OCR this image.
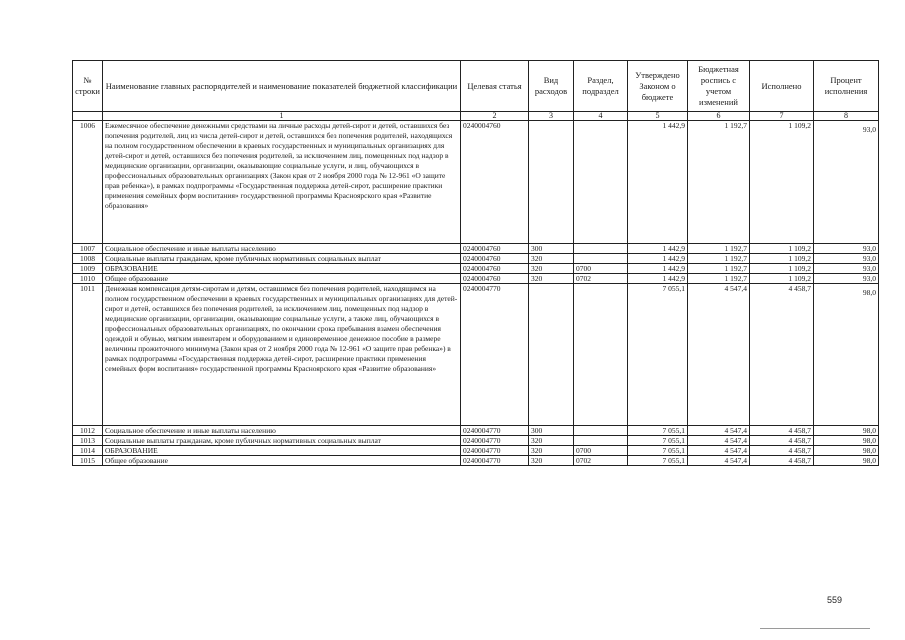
№ строки	Наименование главных распорядителей и наименование показателей бюджетной классификации	Целевая статья	Вид расходов	Раздел, подраздел	Утверждено Законом о бюджете	Бюджетная роспись с учетом изменений	Исполнено	Процент исполнения
	1	2	3	4	5	6	7	8
1006	Ежемесячное обеспечение денежными средствами на личные расходы детей-сирот и детей, оставшихся без попечения родителей, лиц из числа детей-сирот и детей, оставшихся без попечения родителей, находящихся на полном государственном обеспечении в краевых государственных и муниципальных организациях для детей-сирот и детей, оставшихся без попечения родителей, за исключением лиц, помещенных под надзор в медицинские организации, организации, оказывающие социальные услуги, и лиц, обучающихся в профессиональных образовательных организациях (Закон края от 2 ноября 2000 года № 12-961 «О защите прав ребенка»), в рамках подпрограммы «Государственная поддержка детей-сирот, расширение практики применения семейных форм воспитания» государственной программы Красноярского края «Развитие образования»	0240004760			1 442,9	1 192,7	1 109,2	93,0
1007	Социальное обеспечение и иные выплаты населению	0240004760	300		1 442,9	1 192,7	1 109,2	93,0
1008	Социальные выплаты гражданам, кроме публичных нормативных социальных выплат	0240004760	320		1 442,9	1 192,7	1 109,2	93,0
1009	ОБРАЗОВАНИЕ	0240004760	320	0700	1 442,9	1 192,7	1 109,2	93,0
1010	Общее образование	0240004760	320	0702	1 442,9	1 192,7	1 109,2	93,0
1011	Денежная компенсация детям-сиротам и детям, оставшимся без попечения родителей, находящимся на полном государственном обеспечении в краевых государственных и муниципальных организациях для детей-сирот и детей, оставшихся без попечения родителей, за исключением лиц, помещенных под надзор в медицинские организации, организации, оказывающие социальные услуги, а также лиц, обучающихся в профессиональных образовательных организациях, по окончании срока пребывания взамен обеспечения одеждой и обувью, мягким инвентарем и оборудованием и единовременное денежное пособие в размере величины прожиточного минимума (Закон края от 2 ноября 2000 года № 12-961 «О защите прав ребенка») в рамках подпрограммы «Государственная поддержка детей-сирот, расширение практики применения семейных форм воспитания» государственной программы Красноярского края «Развитие образования»	0240004770			7 055,1	4 547,4	4 458,7	98,0
1012	Социальное обеспечение и иные выплаты населению	0240004770	300		7 055,1	4 547,4	4 458,7	98,0
1013	Социальные выплаты гражданам, кроме публичных нормативных социальных выплат	0240004770	320		7 055,1	4 547,4	4 458,7	98,0
1014	ОБРАЗОВАНИЕ	0240004770	320	0700	7 055,1	4 547,4	4 458,7	98,0
1015	Общее образование	0240004770	320	0702	7 055,1	4 547,4	4 458,7	98,0
559
